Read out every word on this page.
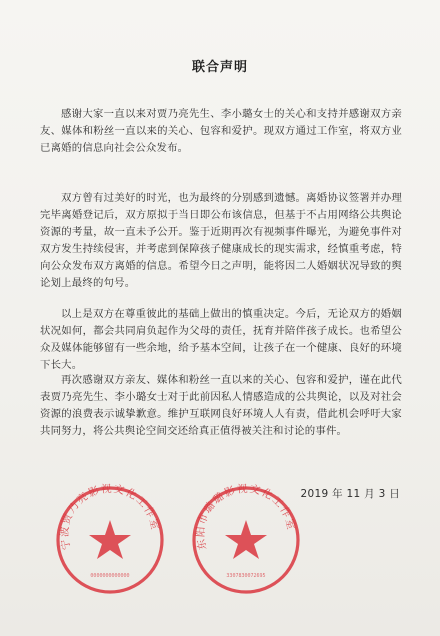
联合声明

感谢大家一直以来对贾乃亮先生、李小璐女士的关心和支持并感谢双方亲友、媒体和粉丝一直以来的关心、包容和爱护。现双方通过工作室，将双方业已离婚的信息向社会公众发布。

双方曾有过美好的时光，也为最终的分别感到遗憾。离婚协议签署并办理完毕离婚登记后，双方原拟于当日即公布该信息，但基于不占用网络公共舆论资源的考量，故一直未予公开。鉴于近期再次有视频事件曝光，为避免事件对双方发生持续侵害，并考虑到保障孩子健康成长的现实需求，经慎重考虑，特向公众发布双方离婚的信息。希望今日之声明，能将因二人婚姻状况导致的舆论划上最终的句号。

以上是双方在尊重彼此的基础上做出的慎重决定。今后，无论双方的婚姻状况如何，都会共同肩负起作为父母的责任，抚育并陪伴孩子成长。也希望公众及媒体能够留有一些余地，给予基本空间，让孩子在一个健康、良好的环境下长大。

再次感谢双方亲友、媒体和粉丝一直以来的关心、包容和爱护，谨在此代表贾乃亮先生、李小璐女士对于此前因私人情感造成的公共舆论，以及对社会资源的浪费表示诚挚歉意。维护互联网良好环境人人有责，借此机会呼吁大家共同努力，将公共舆论空间交还给真正值得被关注和讨论的事件。

2019 年 11 月 3 日
宁波贾乃亮影视文化工作室
0000000000000
东阳市璐璐影视文化工作室
3307830072695
